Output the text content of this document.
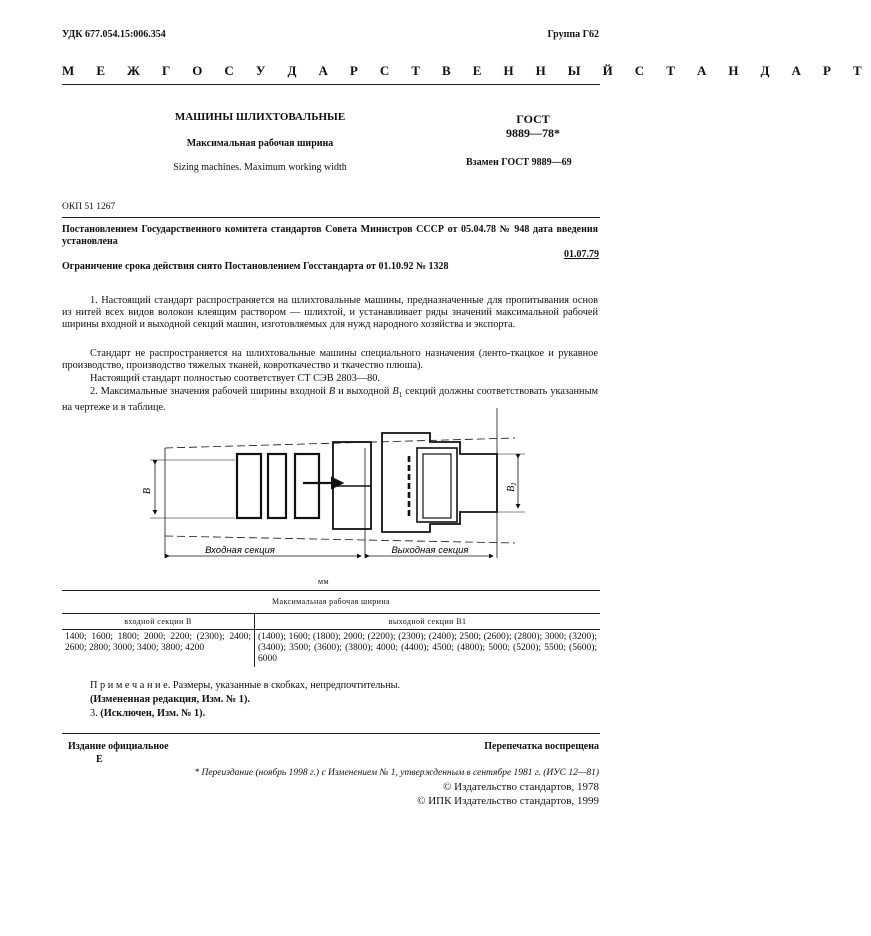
УДК 677.054.15:006.354	Группа Г62
М Е Ж Г О С У Д А Р С Т В Е Н Н Ы Й С Т А Н Д А Р Т
МАШИНЫ ШЛИХТОВАЛЬНЫЕ
Максимальная рабочая ширина
Sizing machines. Maximum working width
ГОСТ
9889—78*
Взамен ГОСТ 9889—69
ОКП 51 1267
Постановлением Государственного комитета стандартов Совета Министров СССР от 05.04.78 № 948 дата введения установлена
01.07.79
Ограничение срока действия снято Постановлением Госстандарта от 01.10.92 № 1328
1. Настоящий стандарт распространяется на шлихтовальные машины, предназначенные для пропитывания основ из нитей всех видов волокон клеящим раствором — шлихтой, и устанавливает ряды значений максимальной рабочей ширины входной и выходной секций машин, изготовляемых для нужд народного хозяйства и экспорта.
Стандарт не распространяется на шлихтовальные машины специального назначения (ленто-ткацкое и рукавное производство, производство тяжелых тканей, ковроткачество и ткачество плюша).
Настоящий стандарт полностью соответствует СТ СЭВ 2803—80.
2. Максимальные значения рабочей ширины входной B и выходной $B_1$ секций должны соответствовать указанным на чертеже и в таблице.
B	$B_1$
Входная секция	Выходная секция
мм
Максимальная рабочая ширина
входной секции B	выходной секции B1
1400; 1600; 1800; 2000; 2200; (2300); 2400; 2600; 2800; 3000; 3400; 3800; 4200	(1400); 1600; (1800); 2000; (2200); (2300); (2400); 2500; (2600); (2800); 3000; (3200); (3400); 3500; (3600); (3800); 4000; (4400); 4500; (4800); 5000; (5200); 5500; (5600); 6000
П р и м е ч а н и е. Размеры, указанные в скобках, непредпочтительны.
(Измененная редакция, Изм. № 1).
3. (Исключен, Изм. № 1).
Издание официальное	Перепечатка воспрещена
Е
* Переиздание (ноябрь 1998 г.) с Изменением № 1, утвержденным в сентябре 1981 г. (ИУС 12—81)
© Издательство стандартов, 1978
© ИПК Издательство стандартов, 1999
